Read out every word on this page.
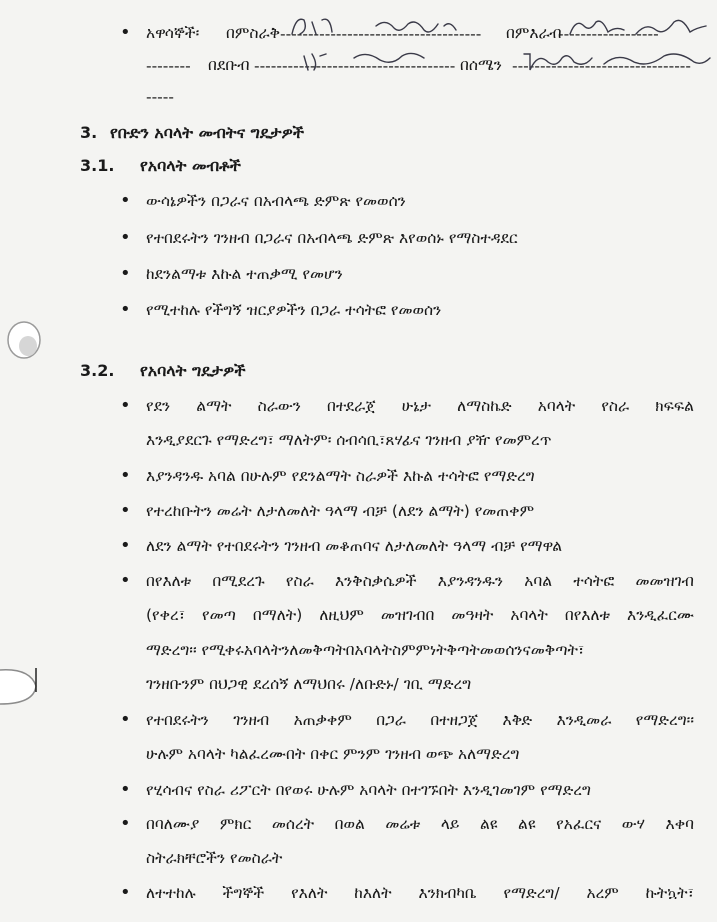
• አዋሳኞች፡ በምስራቅ ------------------------------------ በምእራብ
------------------
-------- በደቡብ ------------------------------------ በሰሜን --------------------------------
-----
3. የቡድን አባላት መብትና ግዴታዎች
3.1. የአባላት መብቶች
• ውሳኔዎችን በጋራና በአብላጫ ድምጽ የመወሰን
• የተበደሩትን ገንዘብ በጋራና በአብላጫ ድምጽ እየወሰኑ የማስተዳደር
• ከደንልማቱ እኩል ተጠቃሚ የመሆን
• የሚተከሉ የችግኝ ዝርያዎችን በጋራ ተሳትፎ የመወሰን
3.2. የአባላት ግዴታዎች
• የደን ልማት ስራውን በተደራጀ ሁኔታ ለማስኬድ አባላት የስራ ክፍፍል
እንዲያደርጉ የማድረግ፣ ማለትም፡ ሰብሳቢ፣ጸሃፊና ገንዘብ ያዥ የመምረጥ
• እያንዳንዱ አባል በሁሉም የደንልማት ስራዎች እኩል ተሳትፎ የማድረግ
• የተረከቡትን መሬት ለታለመለት ዓላማ ብቻ (ለደን ልማት) የመጠቀም
• ለደን ልማት የተበደሩትን ገንዘብ መቆጠባና ለታለመለት ዓላማ ብቻ የማዋል
• በየእለቱ በሚደረጉ የስራ እንቅስቃሴዎች እያንዳንዱን አባል ተሳትፎ መመዝገብ
(የቀረ፣ የመጣ በማለት) ለዚህም መዝገብበ መዓዛት አባላት በየእለቱ እንዲፈርሙ
ማድረግ፡፡ የሚቀሩአባላትንለመቅጣትበአባላትስምምነትቅጣትመወሰንናመቅጣት፣
ገንዘቡንም በህጋዊ ደረሰኝ ለማህበሩ /ለቡድኑ/ ገቢ ማድረግ
• የተበደሩትን ገንዘብ አጠቃቀም በጋራ በተዘጋጀ እቅድ እንዲመራ የማድረግ፡፡
ሁሉም አባላት ካልፈረሙበት በቀር ምንም ገንዘብ ወጭ አለማድረግ
• የሂሳብና የስራ ሪፖርት በየወሩ ሁሉም አባላት በተገኙበት እንዲገመገም የማድረግ
• በባለሙያ ምክር መሰረት በወል መሬቱ ላይ ልዩ ልዩ የአፈርና ውሃ እቀባ
ስትራክቸሮችን የመስራት
• ለተተከሉ ችግኞች የእለት ከእለት እንክብካቤ የማድረግ/ አረም ኩትኳት፣
